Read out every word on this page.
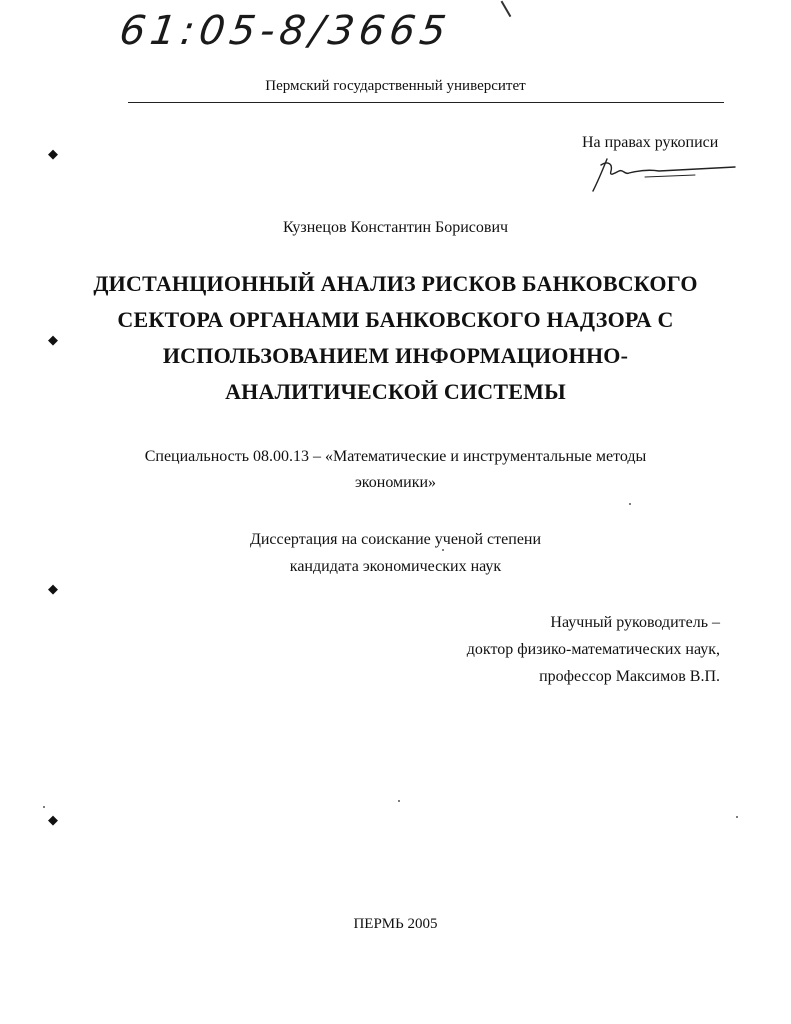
61:05-8/3665
Пермский государственный университет
На правах рукописи
Кузнецов Константин Борисович
ДИСТАНЦИОННЫЙ АНАЛИЗ РИСКОВ БАНКОВСКОГО
СЕКТОРА ОРГАНАМИ БАНКОВСКОГО НАДЗОРА С
ИСПОЛЬЗОВАНИЕМ ИНФОРМАЦИОННО-
АНАЛИТИЧЕСКОЙ СИСТЕМЫ
Специальность 08.00.13 – «Математические и инструментальные методы
экономики»
Диссертация на соискание ученой степени
кандидата экономических наук
Научный руководитель –
доктор физико-математических наук,
профессор Максимов В.П.
ПЕРМЬ 2005
◆
◆
◆
◆
